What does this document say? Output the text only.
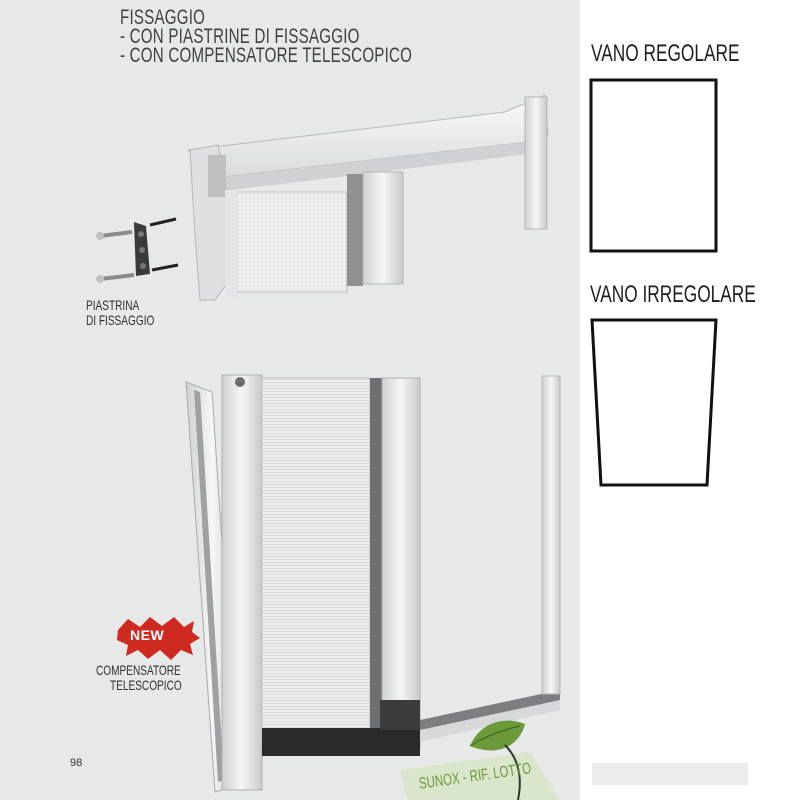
FISSAGGIO
- CON PIASTRINE DI FISSAGGIO
- CON COMPENSATORE TELESCOPICO
PIASTRINA
DI FISSAGGIO
NEW
COMPENSATORE
TELESCOPICO
VANO REGOLARE
VANO IRREGOLARE
98	SUNOX - RIF. LOTTO
